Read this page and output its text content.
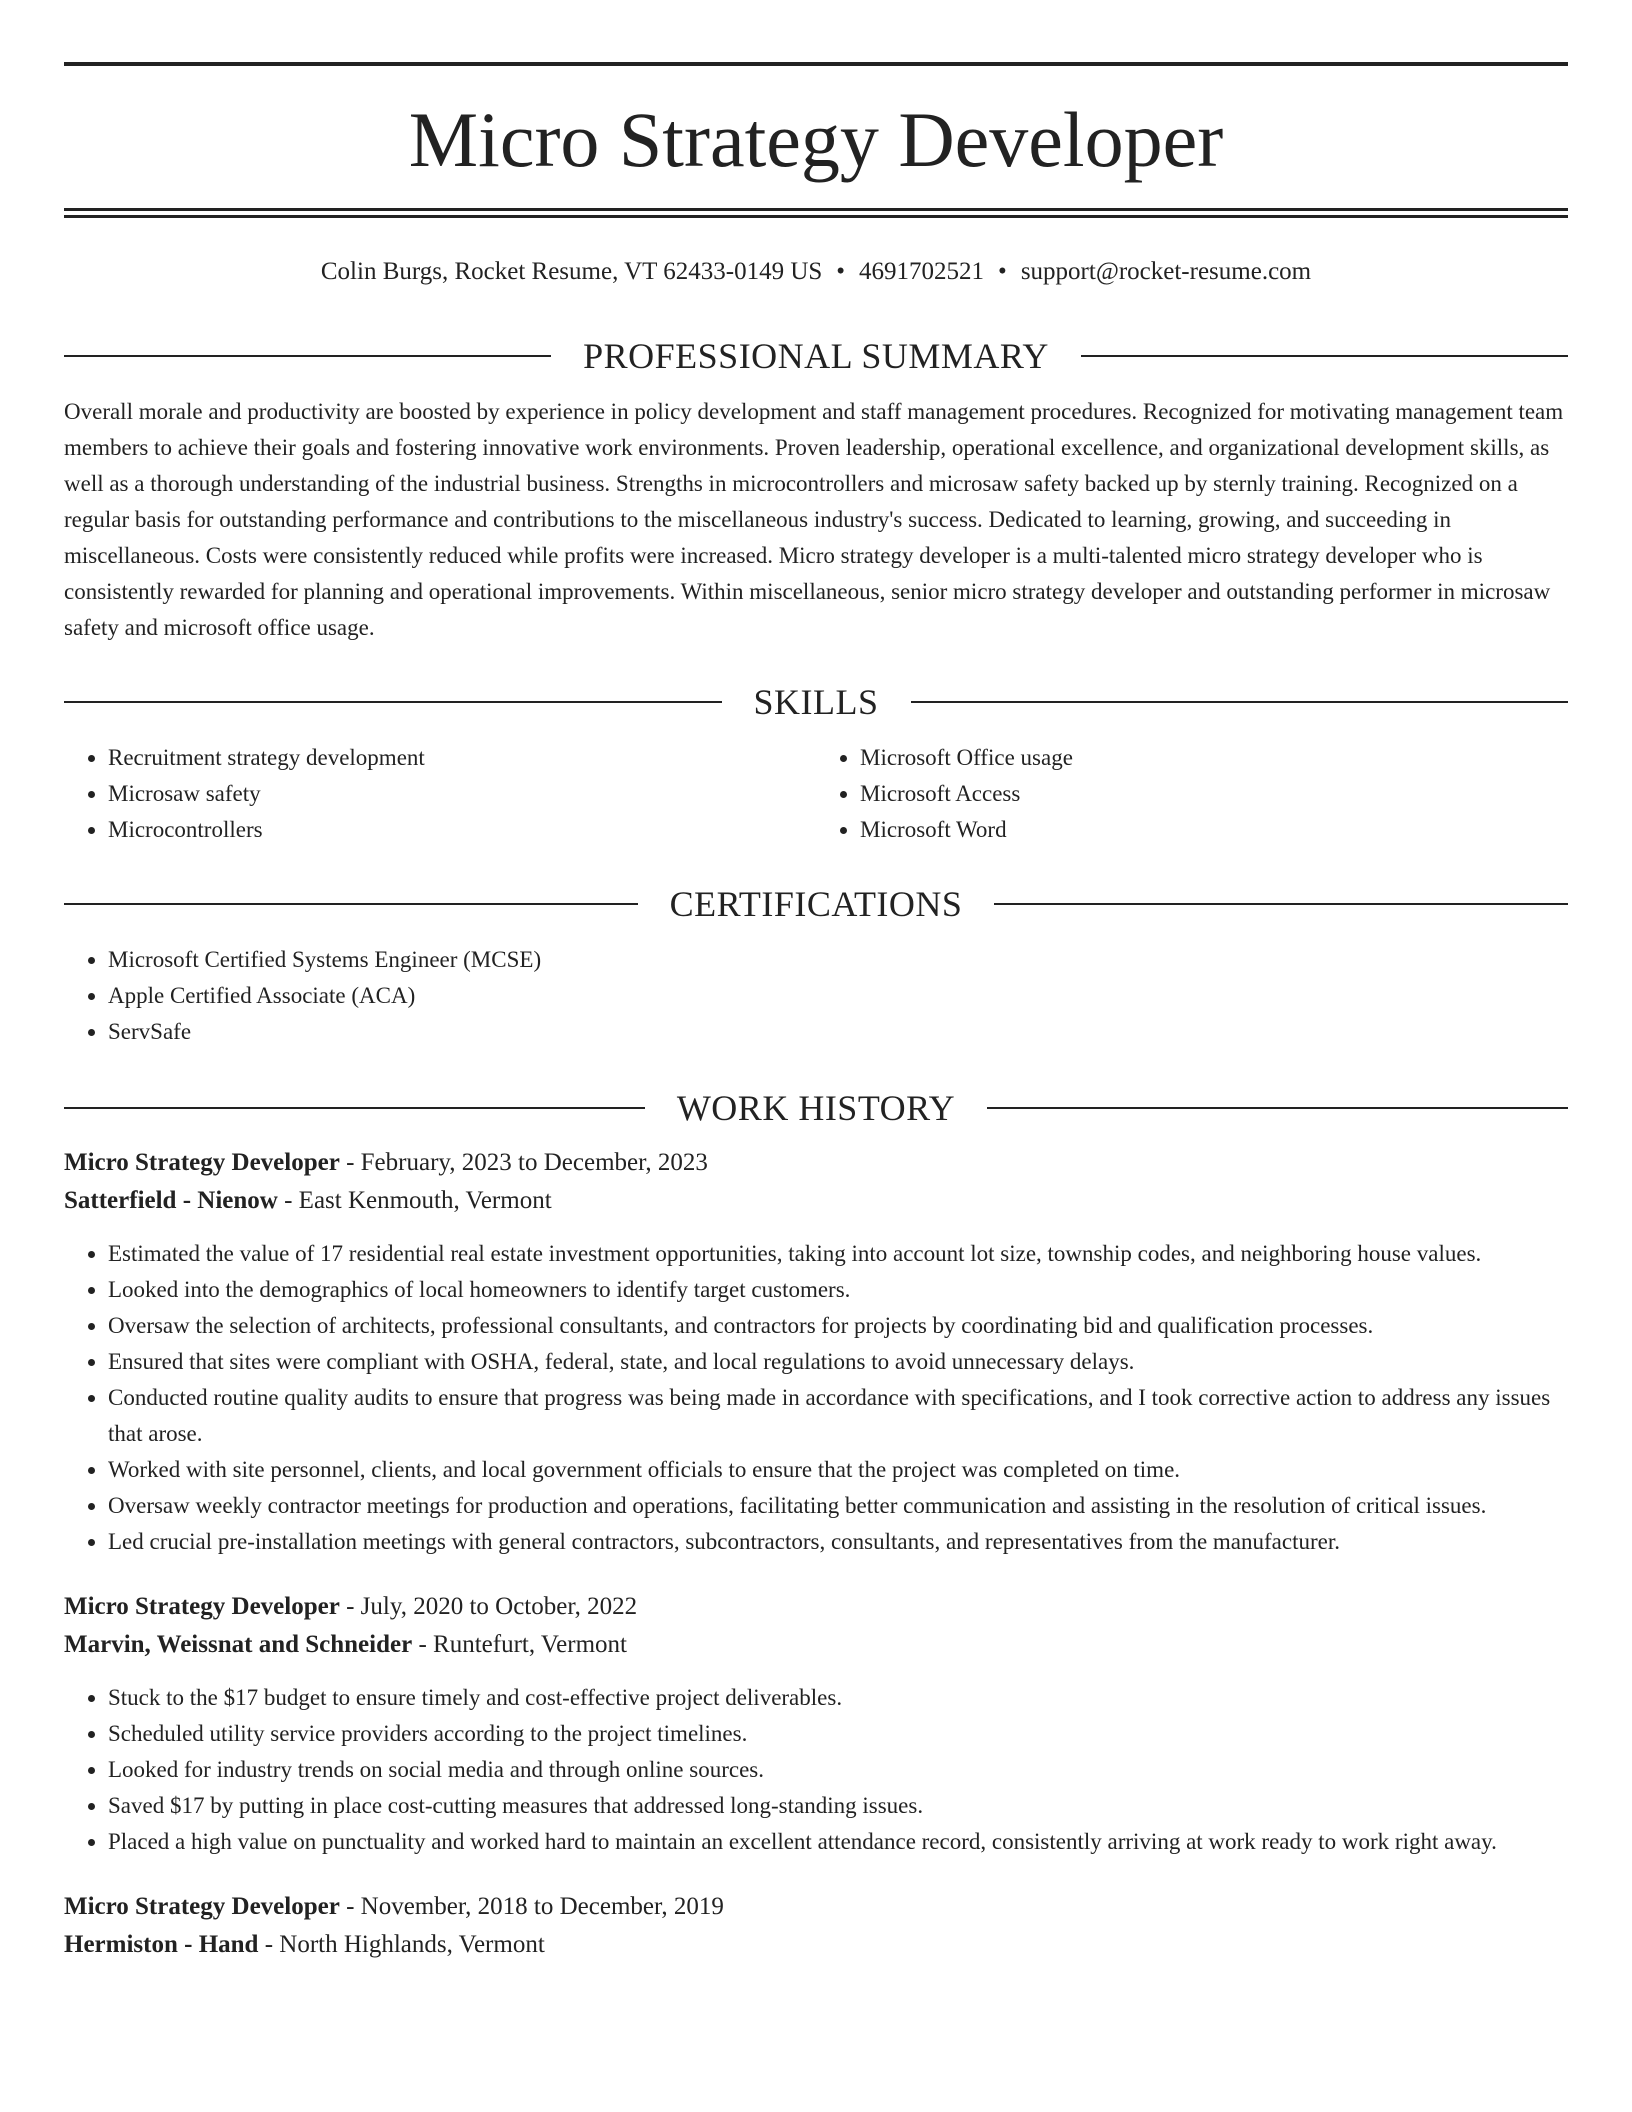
Micro Strategy Developer
Colin Burgs, Rocket Resume, VT 62433-0149 US • 4691702521 • support@rocket-resume.com
PROFESSIONAL SUMMARY

Overall morale and productivity are boosted by experience in policy development and staff management procedures. Recognized for motivating management team members to achieve their goals and fostering innovative work environments. Proven leadership, operational excellence, and organizational development skills, as well as a thorough understanding of the industrial business. Strengths in microcontrollers and microsaw safety backed up by sternly training. Recognized on a regular basis for outstanding performance and contributions to the miscellaneous industry's success. Dedicated to learning, growing, and succeeding in miscellaneous. Costs were consistently reduced while profits were increased. Micro strategy developer is a multi-talented micro strategy developer who is consistently rewarded for planning and operational improvements. Within miscellaneous, senior micro strategy developer and outstanding performer in microsaw safety and microsoft office usage.

SKILLS
• Recruitment strategy development
• Microsaw safety
• Microcontrollers
• Microsoft Office usage
• Microsoft Access
• Microsoft Word
CERTIFICATIONS
• Microsoft Certified Systems Engineer (MCSE)
• Apple Certified Associate (ACA)
• ServSafe
WORK HISTORY
Micro Strategy Developer - February, 2023 to December, 2023
Satterfield - Nienow - East Kenmouth, Vermont
• Estimated the value of 17 residential real estate investment opportunities, taking into account lot size, township codes, and neighboring house values.
• Looked into the demographics of local homeowners to identify target customers.
• Oversaw the selection of architects, professional consultants, and contractors for projects by coordinating bid and qualification processes.
• Ensured that sites were compliant with OSHA, federal, state, and local regulations to avoid unnecessary delays.
• Conducted routine quality audits to ensure that progress was being made in accordance with specifications, and I took corrective action to address any issues that arose.
• Worked with site personnel, clients, and local government officials to ensure that the project was completed on time.
• Oversaw weekly contractor meetings for production and operations, facilitating better communication and assisting in the resolution of critical issues.
• Led crucial pre-installation meetings with general contractors, subcontractors, consultants, and representatives from the manufacturer.
Micro Strategy Developer - July, 2020 to October, 2022
Marvin, Weissnat and Schneider - Runtefurt, Vermont
• Stuck to the $17 budget to ensure timely and cost-effective project deliverables.
• Scheduled utility service providers according to the project timelines.
• Looked for industry trends on social media and through online sources.
• Saved $17 by putting in place cost-cutting measures that addressed long-standing issues.
• Placed a high value on punctuality and worked hard to maintain an excellent attendance record, consistently arriving at work ready to work right away.
Micro Strategy Developer - November, 2018 to December, 2019
Hermiston - Hand - North Highlands, Vermont
